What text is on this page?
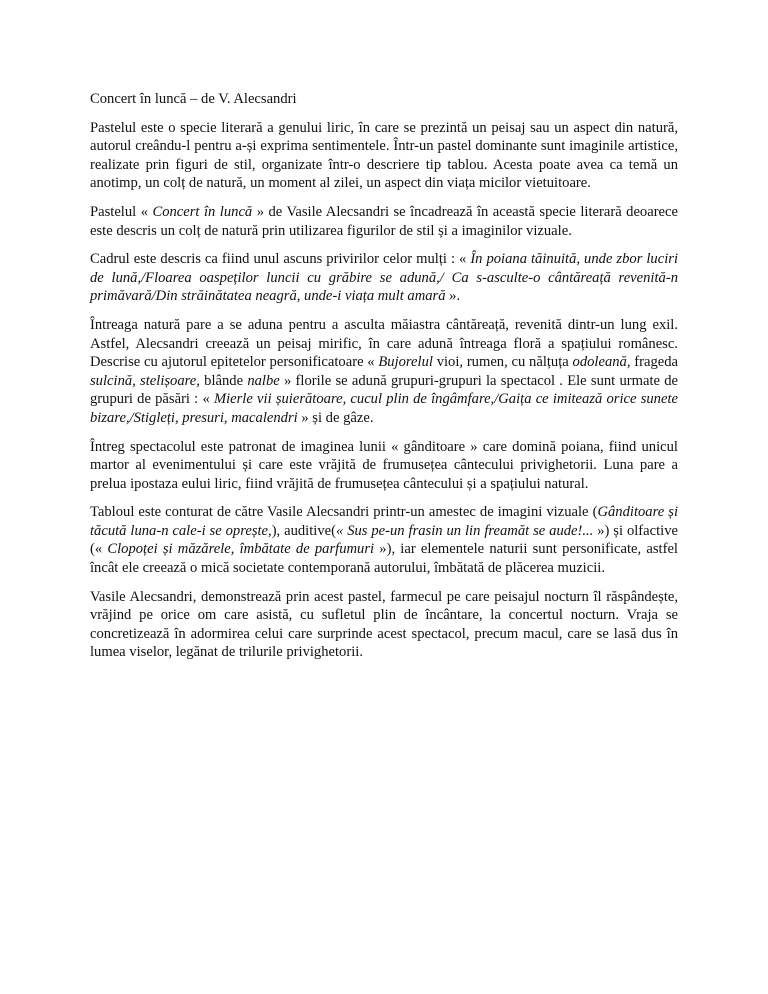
Concert în luncă – de V. Alecsandri

Pastelul este o specie literară a genului liric, în care se prezintă un peisaj sau un aspect din natură, autorul creându-l pentru a-și exprima sentimentele. Într-un pastel dominante sunt imaginile artistice, realizate prin figuri de stil, organizate într-o descriere tip tablou. Acesta poate avea ca temă un anotimp, un colț de natură, un moment al zilei, un aspect din viața micilor vietuitoare.

Pastelul « Concert în luncă » de Vasile Alecsandri se încadrează în această specie literară deoarece este descris un colț de natură prin utilizarea figurilor de stil și a imaginilor vizuale.

Cadrul este descris ca fiind unul ascuns privirilor celor mulți : « În poiana tăinuită, unde zbor luciri de lună,/Floarea oaspeților luncii cu grăbire se adună,/ Ca s-asculte-o cântăreață revenită-n primăvară/Din străinătatea neagră, unde-i viața mult amară ».

Întreaga natură pare a se aduna pentru a asculta măiastra cântăreață, revenită dintr-un lung exil. Astfel, Alecsandri creează un peisaj mirific, în care adună întreaga floră a spațiului românesc. Descrise cu ajutorul epitetelor personificatoare « Bujorelul vioi, rumen, cu nălțuța odoleană, frageda sulcină, stelișoare, blânde nalbe » florile se adună grupuri-grupuri la spectacol . Ele sunt urmate de grupuri de păsări : « Mierle vii șuierătoare, cucul plin de îngâmfare,/Gaița ce imitează orice sunete bizare,/Stigleți, presuri, macalendri » și de gâze.

Întreg spectacolul este patronat de imaginea lunii « gânditoare » care domină poiana, fiind unicul martor al evenimentului și care este vrăjită de frumusețea cântecului privighetorii. Luna pare a prelua ipostaza eului liric, fiind vrăjită de frumusețea cântecului și a spațiului natural.

Tabloul este conturat de către Vasile Alecsandri printr-un amestec de imagini vizuale (Gânditoare și tăcută luna-n cale-i se oprește,), auditive(« Sus pe-un frasin un lin freamăt se aude!... ») și olfactive (« Clopoței și măzărele, îmbătate de parfumuri »), iar elementele naturii sunt personificate, astfel încât ele creează o mică societate contemporană autorului, îmbătată de plăcerea muzicii.

Vasile Alecsandri, demonstrează prin acest pastel, farmecul pe care peisajul nocturn îl răspândește, vrăjind pe orice om care asistă, cu sufletul plin de încântare, la concertul nocturn. Vraja se concretizează în adormirea celui care surprinde acest spectacol, precum macul, care se lasă dus în lumea viselor, legănat de trilurile privighetorii.
